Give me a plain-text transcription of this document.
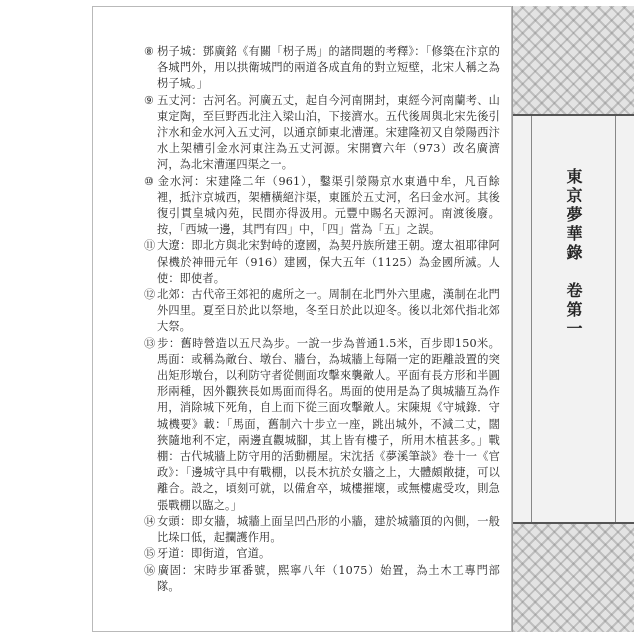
⑧ 枴子城：鄧廣銘《有關「枴子馬」的諸問題的考釋》：「修築在汴京的各城門外，用以拱衛城門的兩道各成直角的對立短壁，北宋人稱之為枴子城。」

⑨ 五丈河：古河名。河廣五丈，起自今河南開封，東經今河南蘭考、山東定陶，至巨野西北注入梁山泊，下接濟水。五代後周與北宋先後引汴水和金水河入五丈河，以通京師東北漕運。宋建隆初又自滎陽西汴水上架槽引金水河東注為五丈河源。宋開寶六年（973）改名廣濟河，為北宋漕運四渠之一。

⑩ 金水河：宋建隆二年（961），鑿渠引滎陽京水東過中牟，凡百餘裡，抵汴京城西，架槽橫絕汴渠，東匯於五丈河，名曰金水河。其後復引貫皇城內苑，民間亦得汲用。元豐中賜名天源河。南渡後廢。按，「西城一邊，其門有四」中，「四」當為「五」之誤。

⑪ 大遼：即北方與北宋對峙的遼國，為契丹族所建王朝。遼太祖耶律阿保機於神冊元年（916）建國，保大五年（1125）為金國所滅。人使：即使者。

⑫ 北郊：古代帝王郊祀的處所之一。周制在北門外六里處，漢制在北門外四里。夏至日於此以祭地，冬至日於此以迎冬。後以北郊代指北郊大祭。

⑬ 步：舊時營造以五尺為步。一說一步為普通1.5米，百步即150米。馬面：或稱為敵台、墩台、牆台，為城牆上每隔一定的距離設置的突出矩形墩台，以利防守者從側面攻擊來襲敵人。平面有長方形和半圓形兩種，因外觀狹長如馬面而得名。馬面的使用是為了與城牆互為作用，消除城下死角，自上而下從三面攻擊敵人。宋陳規《守城錄．守城機要》載：「馬面，舊制六十步立一座，跳出城外，不減二丈，闊狹隨地利不定，兩邊直觀城腳，其上皆有樓子，所用木植甚多。」戰棚：古代城牆上防守用的活動棚屋。宋沈括《夢溪筆談》卷十一《官政》：「邊城守具中有戰棚，以長木抗於女牆之上，大體頗敞捷，可以離合。設之，頃刻可就，以備倉卒，城樓摧壞，或無樓處受攻，則急張戰棚以臨之。」

⑭ 女頭：即女牆，城牆上面呈凹凸形的小牆，建於城牆頂的內側，一般比垛口低，起攔護作用。

⑮ 牙道：即街道，官道。

⑯ 廣固：宋時步軍番號，熙寧八年（1075）始置，為土木工專門部隊。

東京夢華錄　卷第一
